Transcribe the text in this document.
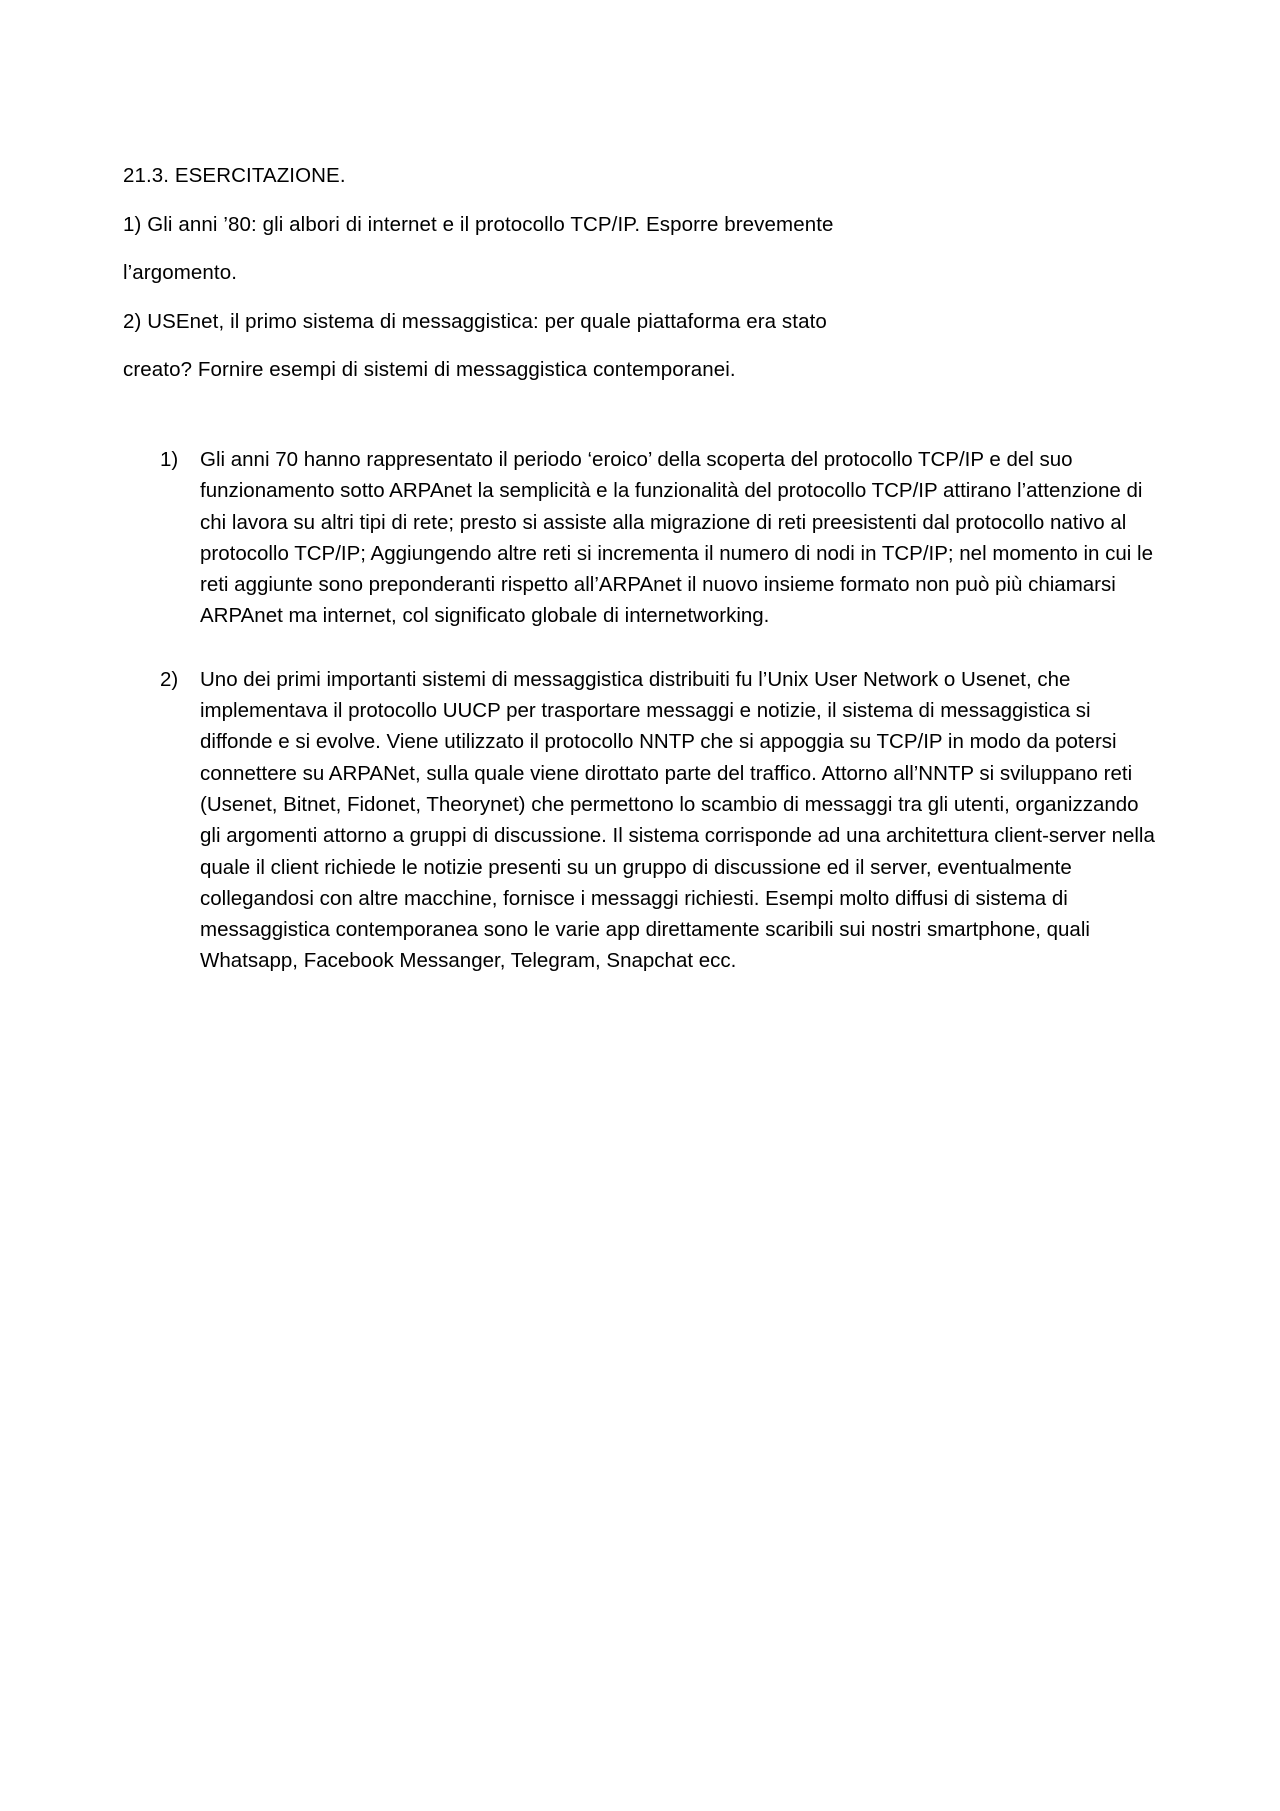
21.3. ESERCITAZIONE.

1) Gli anni ’80: gli albori di internet e il protocollo TCP/IP. Esporre brevemente

l’argomento.

2) USEnet, il primo sistema di messaggistica: per quale piattaforma era stato

creato? Fornire esempi di sistemi di messaggistica contemporanei.

1) Gli anni 70 hanno rappresentato il periodo ‘eroico’ della scoperta del protocollo TCP/IP e del suo funzionamento sotto ARPAnet la semplicità e la funzionalità del protocollo TCP/IP attirano l’attenzione di chi lavora su altri tipi di rete; presto si assiste alla migrazione di reti preesistenti dal protocollo nativo al protocollo TCP/IP; Aggiungendo altre reti si incrementa il numero di nodi in TCP/IP; nel momento in cui le reti aggiunte sono preponderanti rispetto all’ARPAnet il nuovo insieme formato non può più chiamarsi ARPAnet ma internet, col significato globale di internetworking.
2) Uno dei primi importanti sistemi di messaggistica distribuiti fu l’Unix User Network o Usenet, che implementava il protocollo UUCP per trasportare messaggi e notizie, il sistema di messaggistica si diffonde e si evolve. Viene utilizzato il protocollo NNTP che si appoggia su TCP/IP in modo da potersi connettere su ARPANet, sulla quale viene dirottato parte del traffico. Attorno all’NNTP si sviluppano reti (Usenet, Bitnet, Fidonet, Theorynet) che permettono lo scambio di messaggi tra gli utenti, organizzando gli argomenti attorno a gruppi di discussione. Il sistema corrisponde ad una architettura client-server nella quale il client richiede le notizie presenti su un gruppo di discussione ed il server, eventualmente collegandosi con altre macchine, fornisce i messaggi richiesti. Esempi molto diffusi di sistema di messaggistica contemporanea sono le varie app direttamente scaribili sui nostri smartphone, quali Whatsapp, Facebook Messanger, Telegram, Snapchat ecc.
